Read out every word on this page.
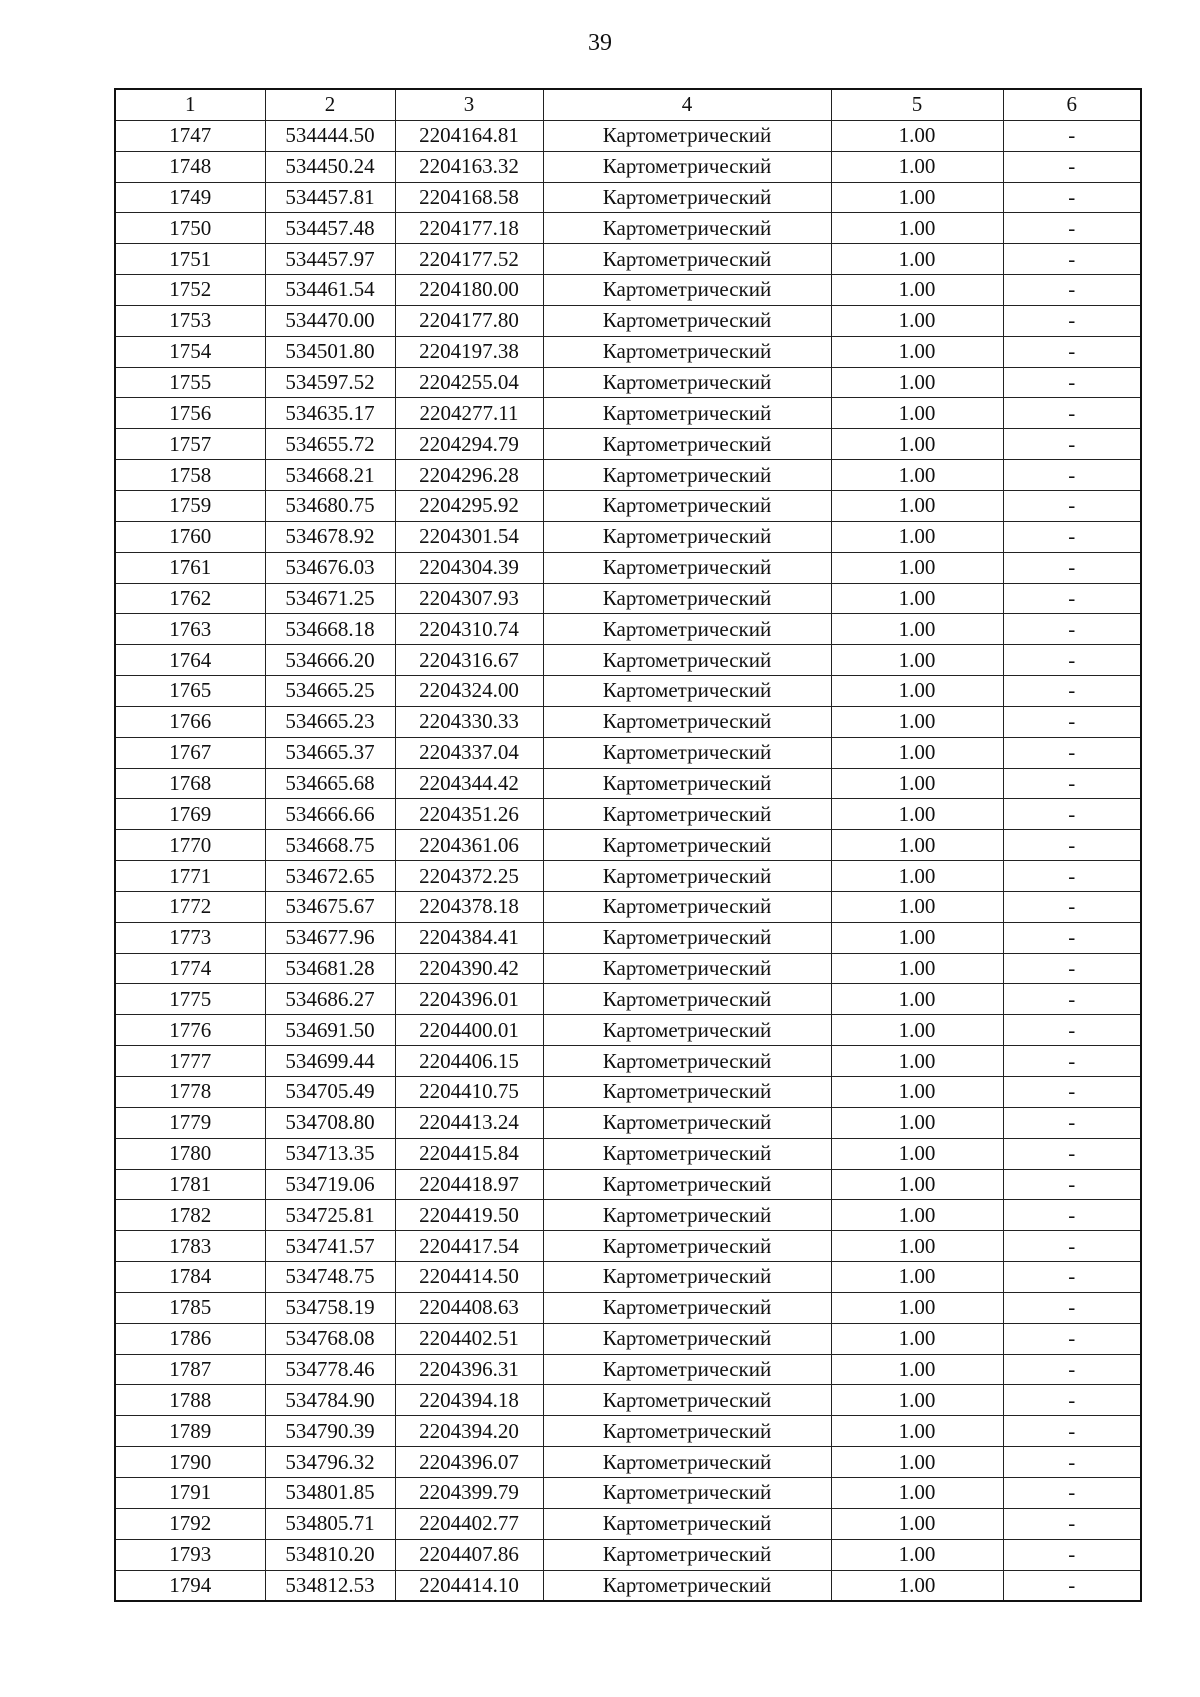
39
1	2	3	4	5	6
1747	534444.50	2204164.81	Картометрический	1.00	-
1748	534450.24	2204163.32	Картометрический	1.00	-
1749	534457.81	2204168.58	Картометрический	1.00	-
1750	534457.48	2204177.18	Картометрический	1.00	-
1751	534457.97	2204177.52	Картометрический	1.00	-
1752	534461.54	2204180.00	Картометрический	1.00	-
1753	534470.00	2204177.80	Картометрический	1.00	-
1754	534501.80	2204197.38	Картометрический	1.00	-
1755	534597.52	2204255.04	Картометрический	1.00	-
1756	534635.17	2204277.11	Картометрический	1.00	-
1757	534655.72	2204294.79	Картометрический	1.00	-
1758	534668.21	2204296.28	Картометрический	1.00	-
1759	534680.75	2204295.92	Картометрический	1.00	-
1760	534678.92	2204301.54	Картометрический	1.00	-
1761	534676.03	2204304.39	Картометрический	1.00	-
1762	534671.25	2204307.93	Картометрический	1.00	-
1763	534668.18	2204310.74	Картометрический	1.00	-
1764	534666.20	2204316.67	Картометрический	1.00	-
1765	534665.25	2204324.00	Картометрический	1.00	-
1766	534665.23	2204330.33	Картометрический	1.00	-
1767	534665.37	2204337.04	Картометрический	1.00	-
1768	534665.68	2204344.42	Картометрический	1.00	-
1769	534666.66	2204351.26	Картометрический	1.00	-
1770	534668.75	2204361.06	Картометрический	1.00	-
1771	534672.65	2204372.25	Картометрический	1.00	-
1772	534675.67	2204378.18	Картометрический	1.00	-
1773	534677.96	2204384.41	Картометрический	1.00	-
1774	534681.28	2204390.42	Картометрический	1.00	-
1775	534686.27	2204396.01	Картометрический	1.00	-
1776	534691.50	2204400.01	Картометрический	1.00	-
1777	534699.44	2204406.15	Картометрический	1.00	-
1778	534705.49	2204410.75	Картометрический	1.00	-
1779	534708.80	2204413.24	Картометрический	1.00	-
1780	534713.35	2204415.84	Картометрический	1.00	-
1781	534719.06	2204418.97	Картометрический	1.00	-
1782	534725.81	2204419.50	Картометрический	1.00	-
1783	534741.57	2204417.54	Картометрический	1.00	-
1784	534748.75	2204414.50	Картометрический	1.00	-
1785	534758.19	2204408.63	Картометрический	1.00	-
1786	534768.08	2204402.51	Картометрический	1.00	-
1787	534778.46	2204396.31	Картометрический	1.00	-
1788	534784.90	2204394.18	Картометрический	1.00	-
1789	534790.39	2204394.20	Картометрический	1.00	-
1790	534796.32	2204396.07	Картометрический	1.00	-
1791	534801.85	2204399.79	Картометрический	1.00	-
1792	534805.71	2204402.77	Картометрический	1.00	-
1793	534810.20	2204407.86	Картометрический	1.00	-
1794	534812.53	2204414.10	Картометрический	1.00	-
